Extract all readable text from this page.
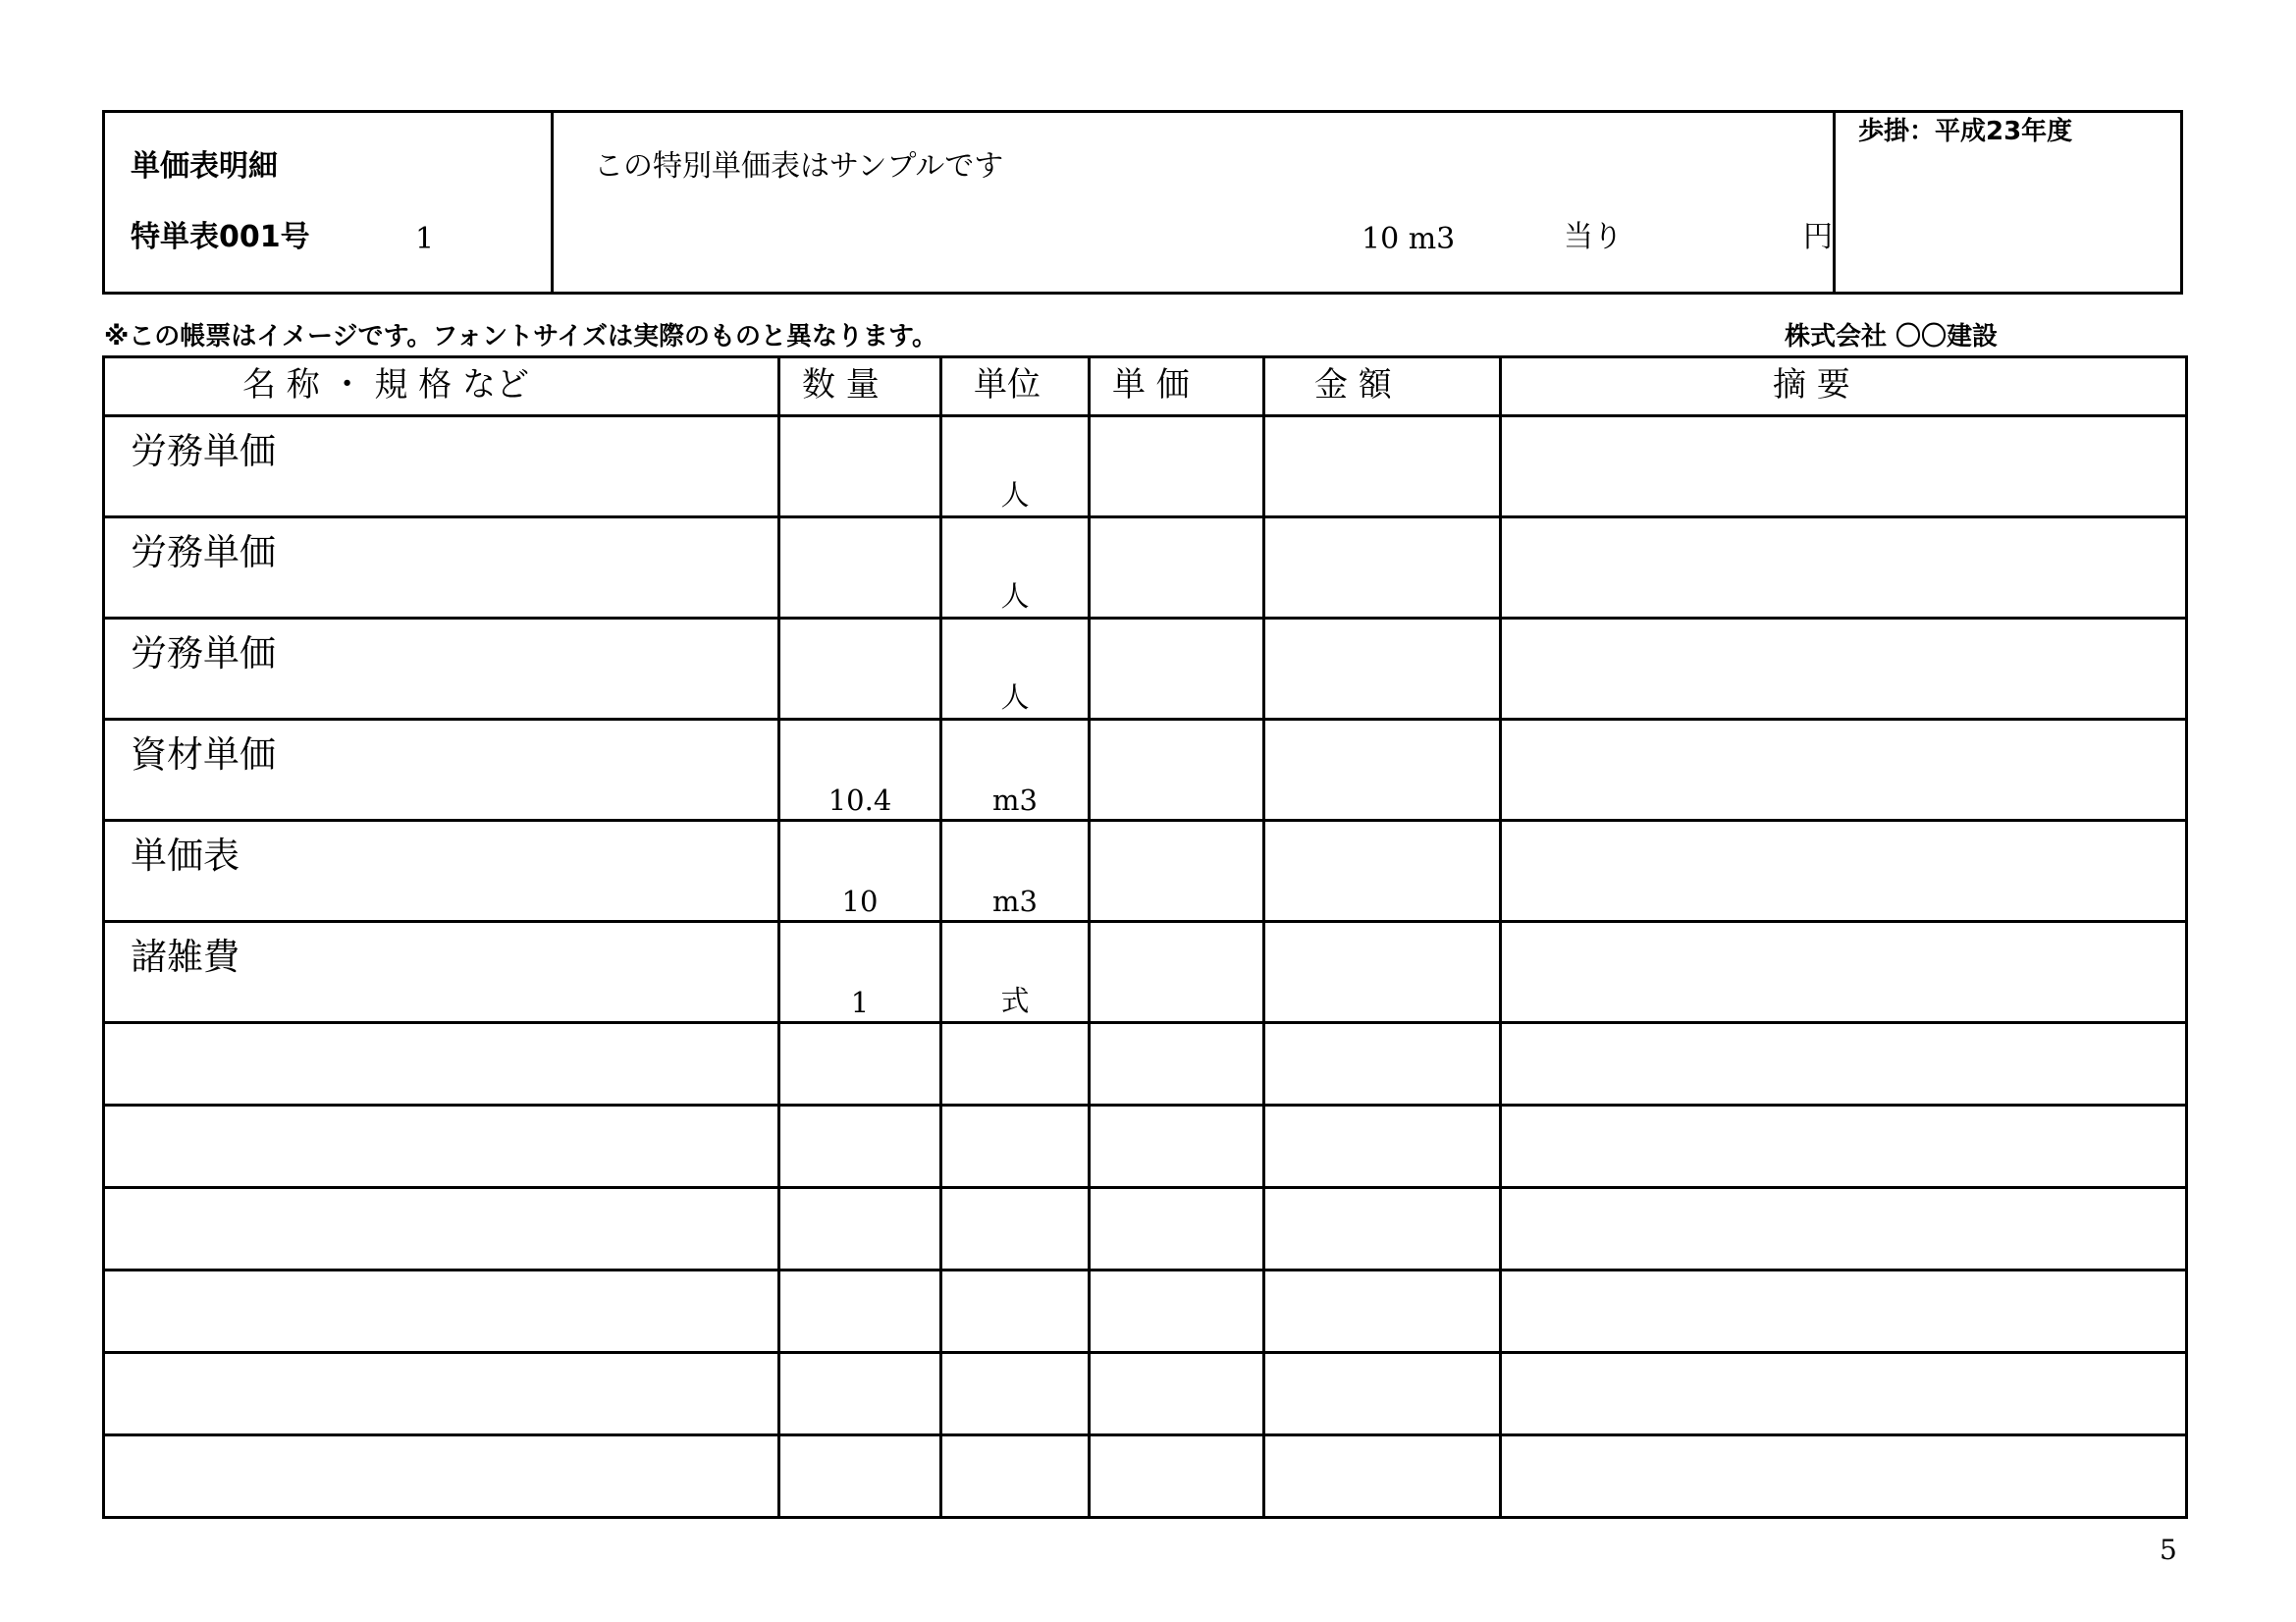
単価表明細
特単表001号	1
この特別単価表はサンプルです
10 m3	当り	円
歩掛：平成23年度
※この帳票はイメージです。フォントサイズは実際のものと異なります。	株式会社 〇〇建設
名 称 ・ 規 格 など	数 量	単位	単 価	金 額	摘 要

労務単価		人			

労務単価		人			

労務単価		人			

資材単価	10.4	m3			

単価表	10	m3			

諸雑費	1	式			

5
